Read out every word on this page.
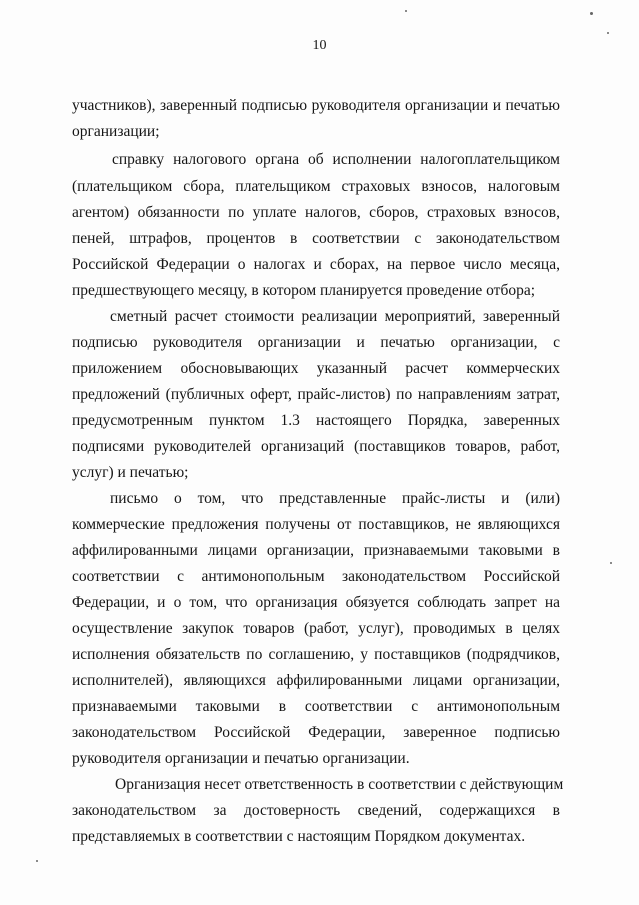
10
участников), заверенный подписью руководителя организации и печатью
организации;
справку налогового органа об исполнении налогоплательщиком
(плательщиком сбора, плательщиком страховых взносов, налоговым
агентом) обязанности по уплате налогов, сборов, страховых взносов,
пеней, штрафов, процентов в соответствии с законодательством
Российской Федерации о налогах и сборах, на первое число месяца,
предшествующего месяцу, в котором планируется проведение отбора;
сметный расчет стоимости реализации мероприятий, заверенный
подписью руководителя организации и печатью организации, с
приложением обосновывающих указанный расчет коммерческих
предложений (публичных оферт, прайс-листов) по направлениям затрат,
предусмотренным пунктом 1.3 настоящего Порядка, заверенных
подписями руководителей организаций (поставщиков товаров, работ,
услуг) и печатью;
письмо о том, что представленные прайс-листы и (или)
коммерческие предложения получены от поставщиков, не являющихся
аффилированными лицами организации, признаваемыми таковыми в
соответствии с антимонопольным законодательством Российской
Федерации, и о том, что организация обязуется соблюдать запрет на
осуществление закупок товаров (работ, услуг), проводимых в целях
исполнения обязательств по соглашению, у поставщиков (подрядчиков,
исполнителей), являющихся аффилированными лицами организации,
признаваемыми таковыми в соответствии с антимонопольным
законодательством Российской Федерации, заверенное подписью
руководителя организации и печатью организации.
Организация несет ответственность в соответствии с действующим
законодательством за достоверность сведений, содержащихся в
представляемых в соответствии с настоящим Порядком документах.
